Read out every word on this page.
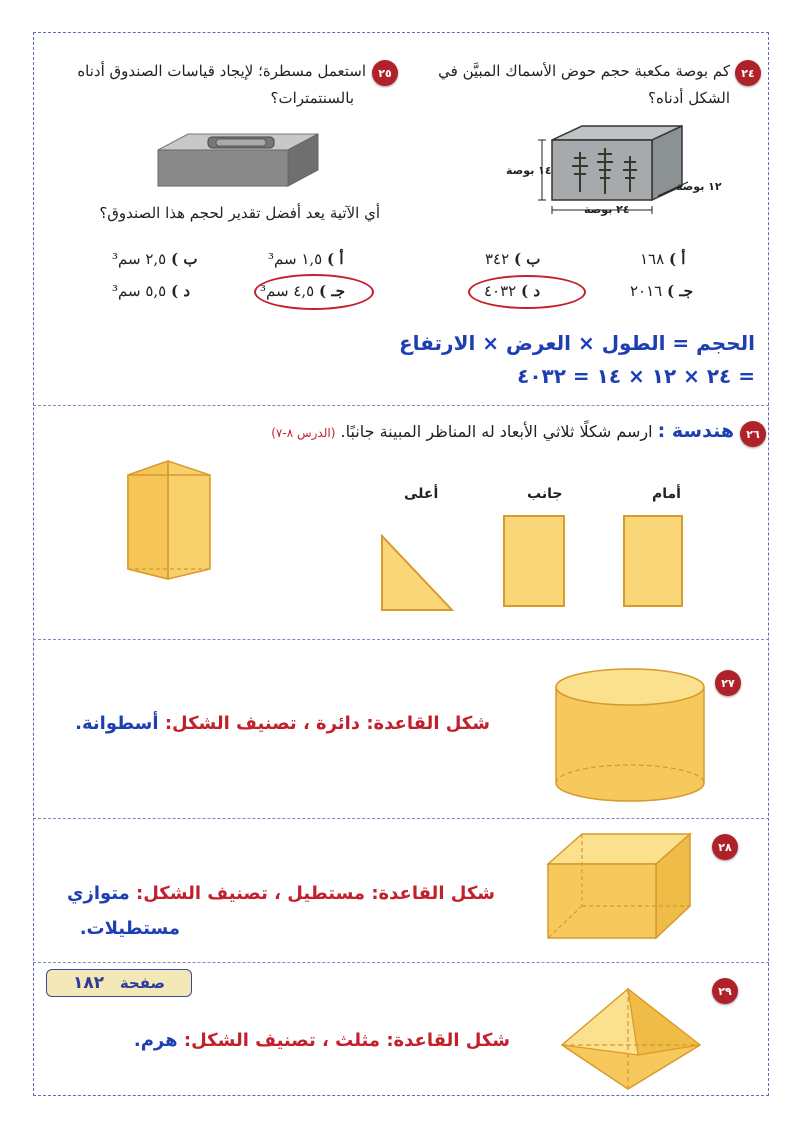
٢٤
كم بوصة مكعبة حجم حوض الأسماك المبيَّن في
الشكل أدناه؟
١٤ بوصة
١٢ بوصة
٢٤ بوصة
أ ) ١٦٨
ب ) ٣٤٢
جـ ) ٢٠١٦
د ) ٤٠٣٢
٢٥
استعمل مسطرة؛ لإيجاد قياسات الصندوق أدناه
بالسنتمترات؟
أي الآتية يعد أفضل تقدير لحجم هذا الصندوق؟
أ ) ١,٥ سم³
ب ) ٢,٥ سم³
جـ ) ٤,٥ سم³
د ) ٥,٥ سم³
الحجم = الطول × العرض × الارتفاع
= ٢٤ × ١٢ × ١٤ = ٤٠٣٢
٢٦
هندسة : ارسم شكلًا ثلاثي الأبعاد له المناظر المبينة جانبًا. (الدرس ٨-٧)
أمام
جانب
أعلى
٢٧
شكل القاعدة: دائرة ، تصنيف الشكل: أسطوانة.
٢٨
شكل القاعدة: مستطيل ، تصنيف الشكل: متوازي
مستطيلات.
٢٩
صفحة

١٨٢
شكل القاعدة: مثلث ، تصنيف الشكل: هرم.
